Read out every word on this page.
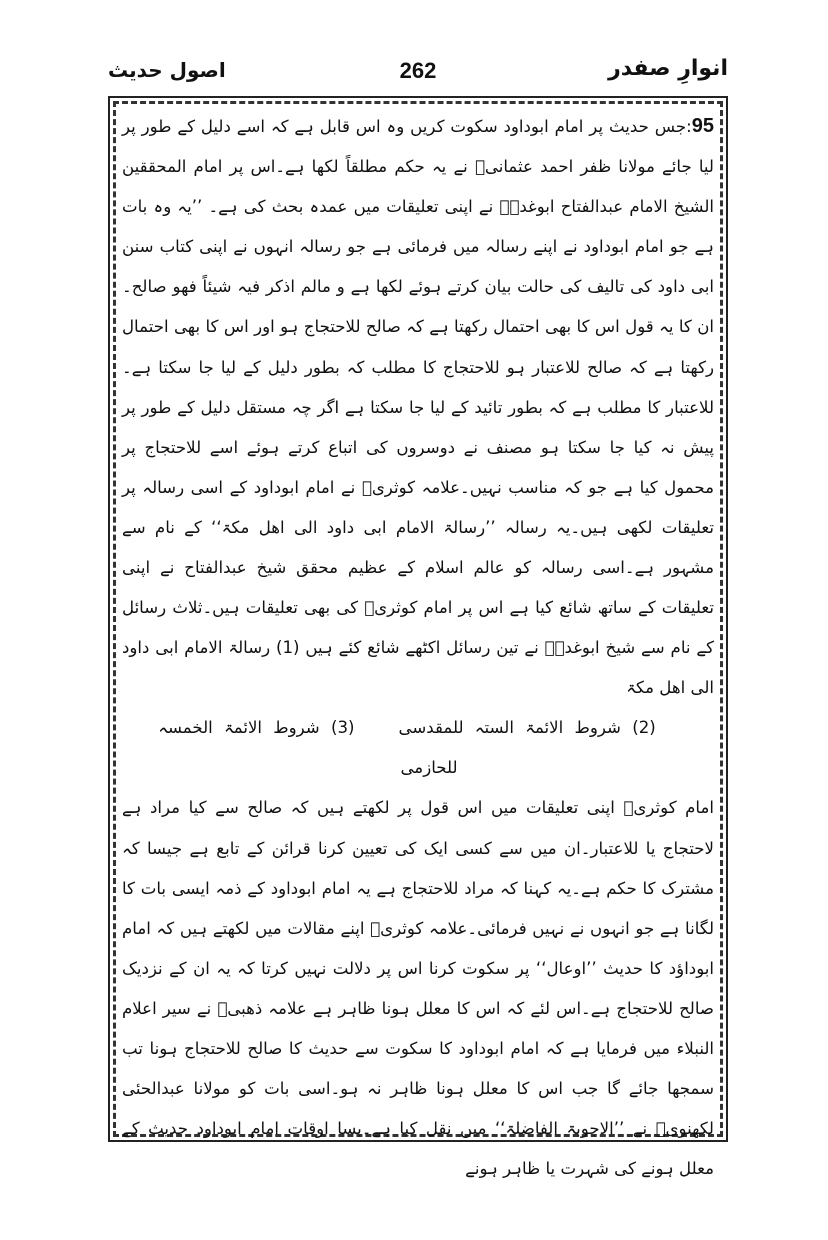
انوارِ صفدر
262
اصول حدیث

95:جس حدیث پر امام ابوداود سکوت کریں وہ اس قابل ہے کہ اسے دلیل کے طور پر لیا جائے مولانا ظفر احمد عثمانیؒ نے یہ حکم مطلقاً لکھا ہے۔اس پر امام المحققین الشیخ الامام عبدالفتاح ابوغدہؒ نے اپنی تعلیقات میں عمدہ بحث کی ہے۔ ’’یہ وہ بات ہے جو امام ابوداود نے اپنے رسالہ میں فرمائی ہے جو رسالہ انہوں نے اپنی کتاب سنن ابی داود کی تالیف کی حالت بیان کرتے ہوئے لکھا ہے و مالم اذکر فیہ شیئاً فھو صالح۔ان کا یہ قول اس کا بھی احتمال رکھتا ہے کہ صالح للاحتجاج ہو اور اس کا بھی احتمال رکھتا ہے کہ صالح للاعتبار ہو للاحتجاج کا مطلب کہ بطور دلیل کے لیا جا سکتا ہے۔للاعتبار کا مطلب ہے کہ بطور تائید کے لیا جا سکتا ہے اگر چہ مستقل دلیل کے طور پر پیش نہ کیا جا سکتا ہو مصنف نے دوسروں کی اتباع کرتے ہوئے اسے للاحتجاج پر محمول کیا ہے جو کہ مناسب نہیں۔علامہ کوثریؒ نے امام ابوداود کے اسی رسالہ پر تعلیقات لکھی ہیں۔یہ رسالہ ’’رسالۃ الامام ابی داود الی اھل مکۃ‘‘ کے نام سے مشہور ہے۔اسی رسالہ کو عالم اسلام کے عظیم محقق شیخ عبدالفتاح نے اپنی تعلیقات کے ساتھ شائع کیا ہے اس پر امام کوثریؒ کی بھی تعلیقات ہیں۔ثلاث رسائل کے نام سے شیخ ابوغدہؒ نے تین رسائل اکٹھے شائع کئے ہیں (1) رسالۃ الامام ابی داود الی اھل مکۃ

(2) شروط الائمۃ الستہ للمقدسی(3) شروط الائمۃ الخمسہ للحازمی

امام کوثریؒ اپنی تعلیقات میں اس قول پر لکھتے ہیں کہ صالح سے کیا مراد ہے لاحتجاج یا للاعتبار۔ان میں سے کسی ایک کی تعیین کرنا قرائن کے تابع ہے جیسا کہ مشترک کا حکم ہے۔یہ کہنا کہ مراد للاحتجاج ہے یہ امام ابوداود کے ذمہ ایسی بات کا لگانا ہے جو انہوں نے نہیں فرمائی۔علامہ کوثریؒ اپنے مقالات میں لکھتے ہیں کہ امام ابوداؤد کا حدیث ’’اوعال‘‘ پر سکوت کرنا اس پر دلالت نہیں کرتا کہ یہ ان کے نزدیک صالح للاحتجاج ہے۔اس لئے کہ اس کا معلل ہونا ظاہر ہے علامہ ذھبیؒ نے سیر اعلام النبلاء میں فرمایا ہے کہ امام ابوداود کا سکوت سے حدیث کا صالح للاحتجاج ہونا تب سمجھا جائے گا جب اس کا معلل ہونا ظاہر نہ ہو۔اسی بات کو مولانا عبدالحئی لکھنویؒ نے ’’الاجوبۃ الفاضلۃ‘‘ میں نقل کیا ہے۔بسا اوقات امام ابوداود حدیث کے معلل ہونے کی شہرت یا ظاہر ہونے
